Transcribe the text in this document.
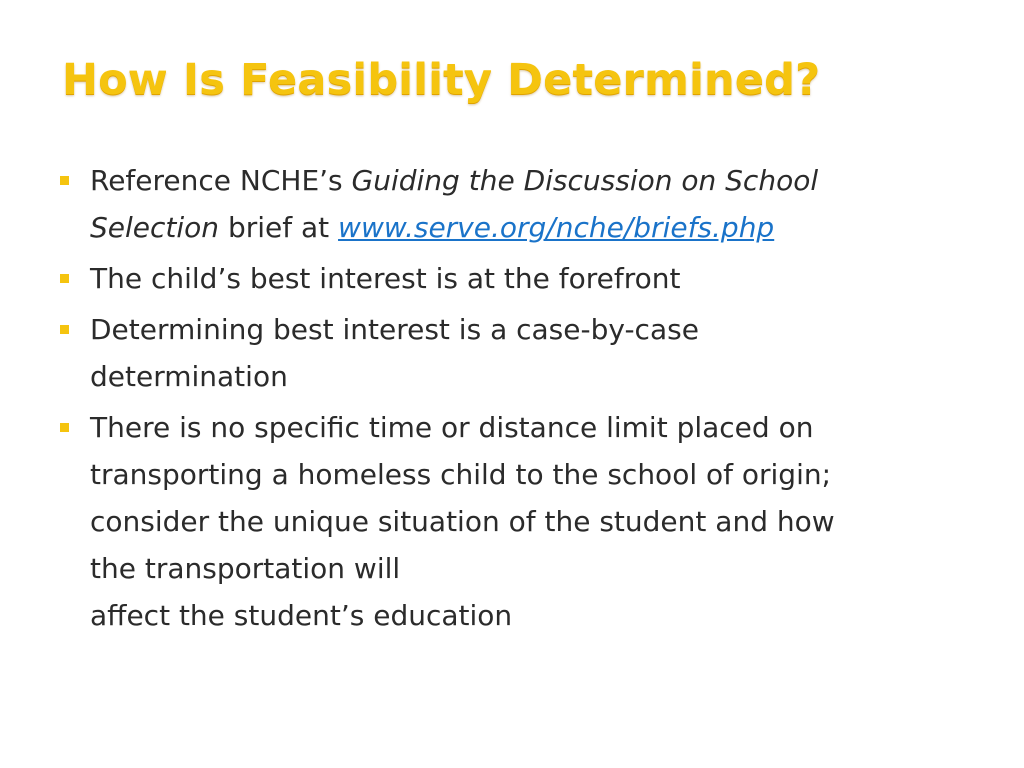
How Is Feasibility Determined?
Reference NCHE’s Guiding the Discussion on School
Selection brief at www.serve.org/nche/briefs.php
The child’s best interest is at the forefront
Determining best interest is a case-by-case
determination
There is no specific time or distance limit placed on
transporting a homeless child to the school of origin;
consider the unique situation of the student and how
the transportation will
affect the student’s education
